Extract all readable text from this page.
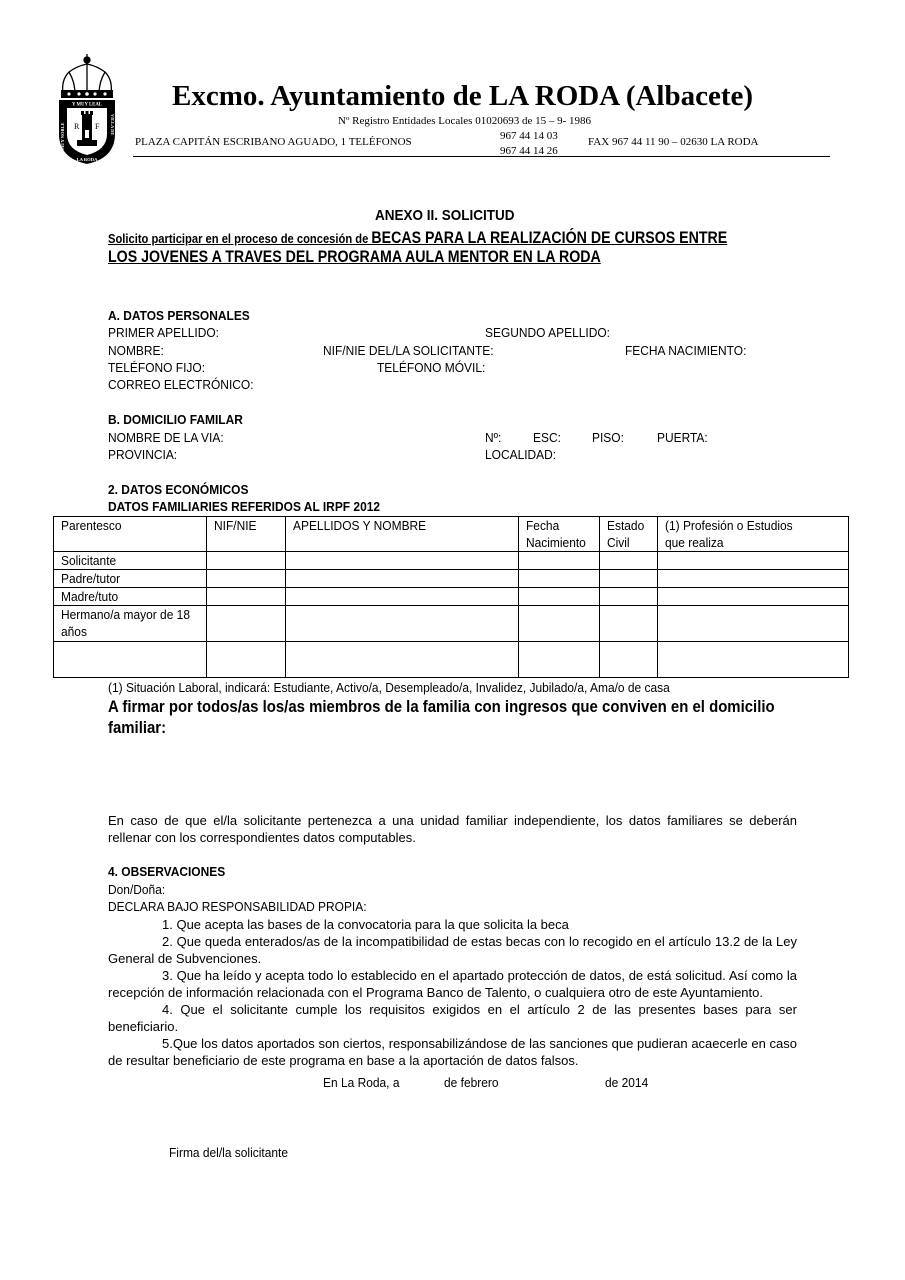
R F
Y MUY LEAL
MUY NOBLE	VILLA DE
LA RODA
Excmo. Ayuntamiento de LA RODA (Albacete)
Nº Registro Entidades Locales 01020693 de 15 – 9- 1986
PLAZA CAPITÁN ESCRIBANO AGUADO, 1 TELÉFONOS	967 44 14 03
967 44 14 26
FAX 967 44 11 90 – 02630 LA RODA
ANEXO II. SOLICITUD
Solicito participar en el proceso de concesión de BECAS PARA LA REALIZACIÓN DE CURSOS ENTRE
LOS JOVENES A TRAVES DEL PROGRAMA AULA MENTOR EN LA RODA
A. DATOS PERSONALES
PRIMER APELLIDO:	SEGUNDO APELLIDO:
NOMBRE:	NIF/NIE DEL/LA SOLICITANTE:	FECHA NACIMIENTO:
TELÉFONO FIJO:	TELÉFONO MÓVIL:
CORREO ELECTRÓNICO:
B. DOMICILIO FAMILAR
NOMBRE DE LA VIA:	Nº: ESC: PISO:	PUERTA:
PROVINCIA:	LOCALIDAD:
2. DATOS ECONÓMICOS
DATOS FAMILIARIES REFERIDOS AL IRPF 2012
Parentesco	NIF/NIE	APELLIDOS Y NOMBRE	Fecha Nacimiento	Estado Civil	(1) Profesión o Estudios que realiza
Solicitante					
Padre/tutor					
Madre/tuto					
Hermano/a mayor de 18 años					

(1) Situación Laboral, indicará: Estudiante, Activo/a, Desempleado/a, Invalidez, Jubilado/a, Ama/o de casa
A firmar por todos/as los/as miembros de la familia con ingresos que conviven en el domicilio familiar:
En caso de que el/la solicitante pertenezca a una unidad familiar independiente, los datos familiares se deberán rellenar con los correspondientes datos computables.
4. OBSERVACIONES
Don/Doña:
DECLARA BAJO RESPONSABILIDAD PROPIA:
1. Que acepta las bases de la convocatoria para la que solicita la beca
2. Que queda enterados/as de la incompatibilidad de estas becas con lo recogido en el artículo 13.2 de la Ley General de Subvenciones.
3. Que ha leído y acepta todo lo establecido en el apartado protección de datos, de está solicitud. Así como la recepción de información relacionada con el Programa Banco de Talento, o cualquiera otro de este Ayuntamiento.
4. Que el solicitante cumple los requisitos exigidos en el artículo 2 de las presentes bases para ser beneficiario.
5.Que los datos aportados son ciertos, responsabilizándose de las sanciones que pudieran acaecerle en caso de resultar beneficiario de este programa en base a la aportación de datos falsos.
En La Roda, a	de febrero	de 2014
Firma del/la solicitante
